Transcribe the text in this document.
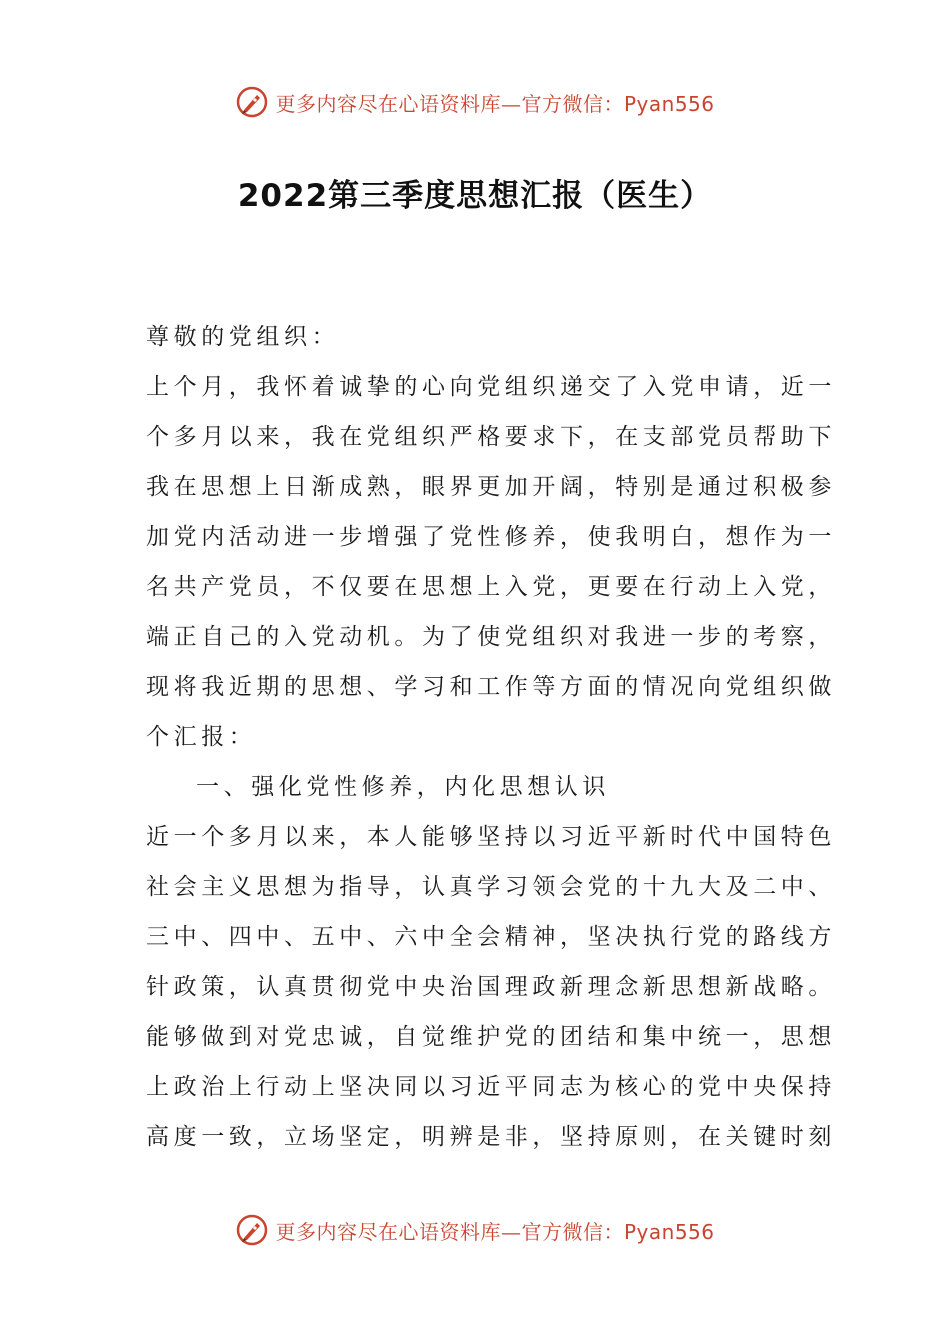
更多内容尽在心语资料库—官方微信：Pyan556
2022第三季度思想汇报（医生）
尊敬的党组织：
上个月，我怀着诚挚的心向党组织递交了入党申请，近一
个多月以来，我在党组织严格要求下，在支部党员帮助下
我在思想上日渐成熟，眼界更加开阔，特别是通过积极参
加党内活动进一步增强了党性修养，使我明白，想作为一
名共产党员，不仅要在思想上入党，更要在行动上入党，
端正自己的入党动机。为了使党组织对我进一步的考察，
现将我近期的思想、学习和工作等方面的情况向党组织做
个汇报：
一、强化党性修养，内化思想认识
近一个多月以来，本人能够坚持以习近平新时代中国特色
社会主义思想为指导，认真学习领会党的十九大及二中、
三中、四中、五中、六中全会精神，坚决执行党的路线方
针政策，认真贯彻党中央治国理政新理念新思想新战略。
能够做到对党忠诚，自觉维护党的团结和集中统一，思想
上政治上行动上坚决同以习近平同志为核心的党中央保持
高度一致，立场坚定，明辨是非，坚持原则，在关键时刻
更多内容尽在心语资料库—官方微信：Pyan556
